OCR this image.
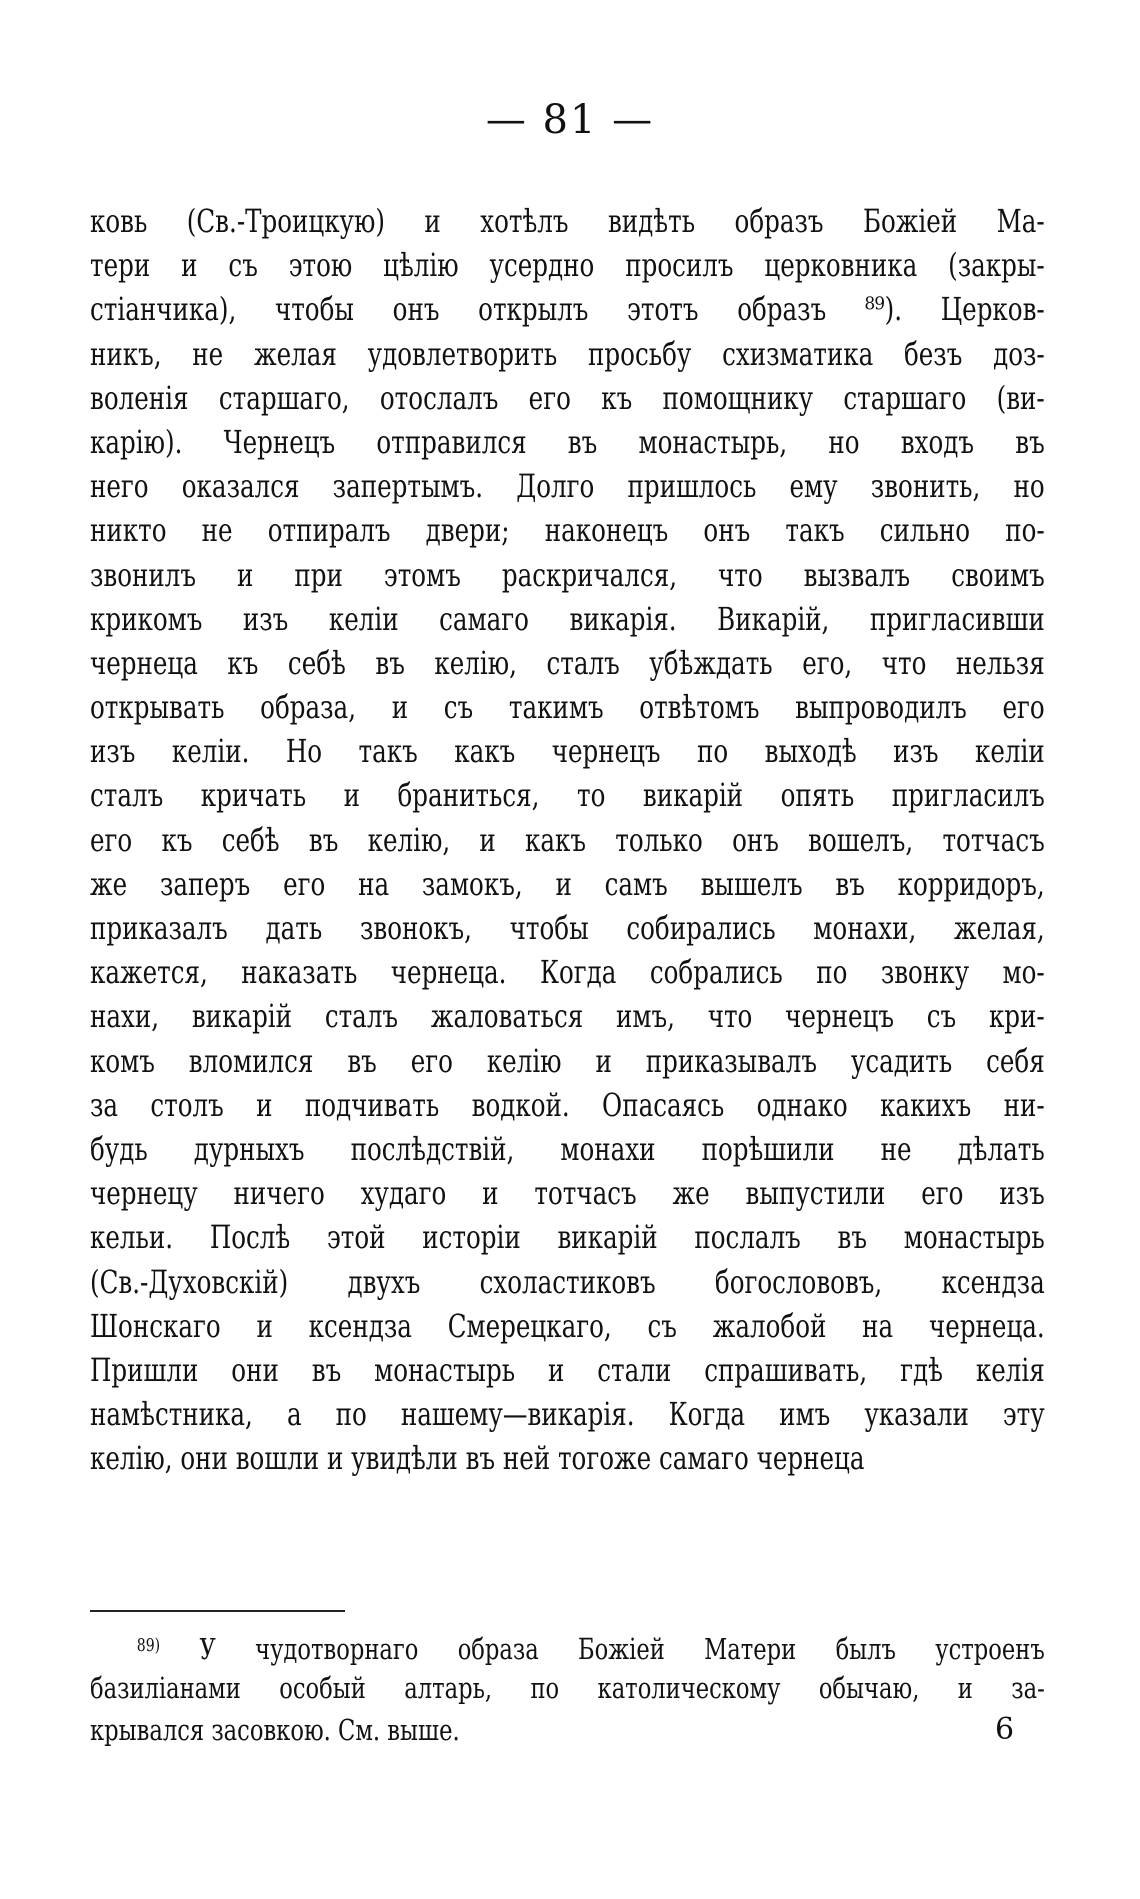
— 81 —
ковь (Св.-Троицкую) и хотѣлъ видѣть образъ Божіей Ма-
тери и съ этою цѣлію усердно просилъ церковника (закры-
стіанчика), чтобы онъ открылъ этотъ образъ ⁸⁹). Церков-
никъ, не желая удовлетворить просьбу схизматика безъ доз-
воленія старшаго, отослалъ его къ помощнику старшаго (ви-
карію). Чернецъ отправился въ монастырь, но входъ въ
него оказался запертымъ. Долго пришлось ему звонить, но
никто не отпиралъ двери; наконецъ онъ такъ сильно по-
звонилъ и при этомъ раскричался, что вызвалъ своимъ
крикомъ изъ келіи самаго викарія. Викарій, пригласивши
чернеца къ себѣ въ келію, сталъ убѣждать его, что нельзя
открывать образа, и съ такимъ отвѣтомъ выпроводилъ его
изъ келіи. Но такъ какъ чернецъ по выходѣ изъ келіи
сталъ кричать и браниться, то викарій опять пригласилъ
его къ себѣ въ келію, и какъ только онъ вошелъ, тотчасъ
же заперъ его на замокъ, и самъ вышелъ въ корридоръ,
приказалъ дать звонокъ, чтобы собирались монахи, желая,
кажется, наказать чернеца. Когда собрались по звонку мо-
нахи, викарій сталъ жаловаться имъ, что чернецъ съ кри-
комъ вломился въ его келію и приказывалъ усадить себя
за столъ и подчивать водкой. Опасаясь однако какихъ ни-
будь дурныхъ послѣдствій, монахи порѣшили не дѣлать
чернецу ничего худаго и тотчасъ же выпустили его изъ
кельи. Послѣ этой исторіи викарій послалъ въ монастырь
(Св.-Духовскій) двухъ схоластиковъ богослововъ, ксендза
Шонскаго и ксендза Смерецкаго, съ жалобой на чернеца.
Пришли они въ монастырь и стали спрашивать, гдѣ келія
намѣстника, а по нашему—викарія. Когда имъ указали эту
келію, они вошли и увидѣли въ ней тогоже самаго чернеца
$^{89)}$ У чудотворнаго образа Божіей Матери былъ устроенъ
базиліанами особый алтарь, по католическому обычаю, и за-
крывался засовкою. См. выше.	6
